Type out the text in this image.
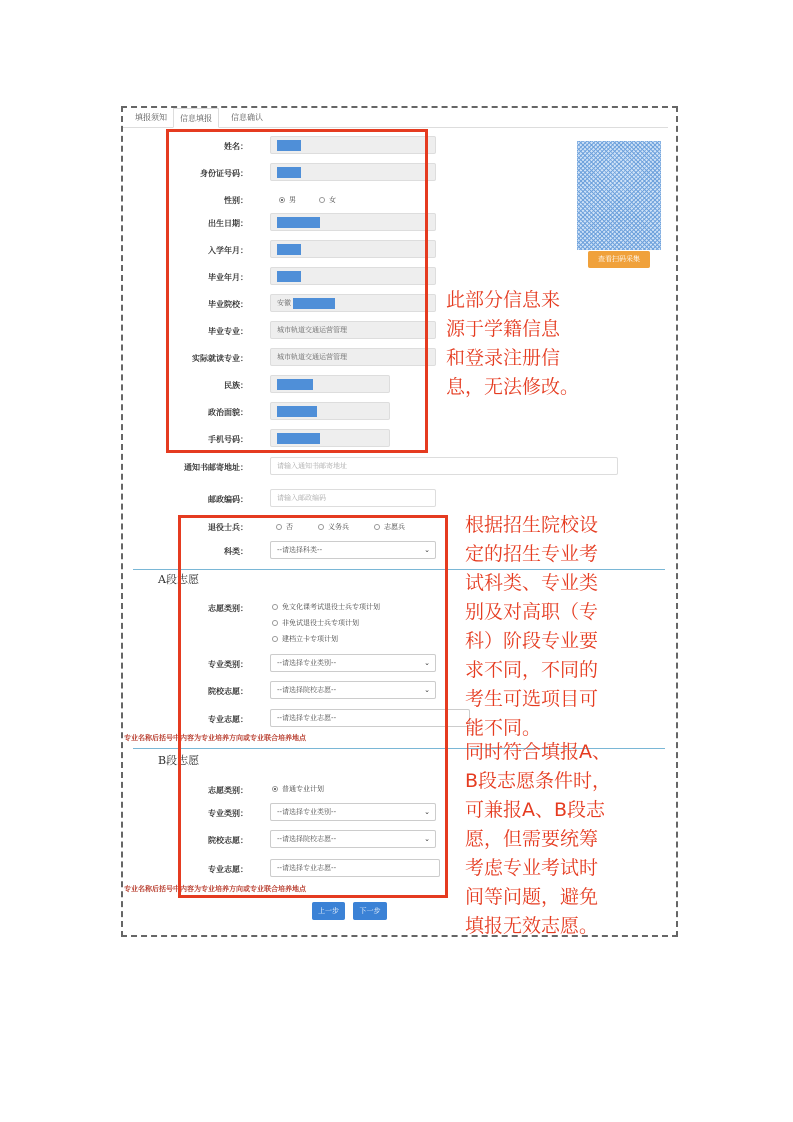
填报须知	信息填报	信息确认
查看扫码采集
姓名：
身份证号码：
性别：	男	女
出生日期：
入学年月：
毕业年月：
毕业院校：	安徽
毕业专业：	城市轨道交通运营管理
实际就读专业：	城市轨道交通运营管理
民族：
政治面貌：
手机号码：
通知书邮寄地址：	请输入通知书邮寄地址
邮政编码：	请输入邮政编码
退役士兵：	否	义务兵	志愿兵
科类：	--请选择科类--	⌄
A段志愿
志愿类别：	免文化课考试退役士兵专项计划
非免试退役士兵专项计划
建档立卡专项计划
专业类别：	--请选择专业类别--	⌄
院校志愿：	--请选择院校志愿--	⌄
专业志愿：	--请选择专业志愿--
专业名称后括号中内容为专业培养方向或专业联合培养地点
B段志愿
志愿类别：	普通专业计划
专业类别：	--请选择专业类别--	⌄
院校志愿：	--请选择院校志愿--	⌄
专业志愿：	--请选择专业志愿--
专业名称后括号中内容为专业培养方向或专业联合培养地点
上一步	下一步
此部分信息来
源于学籍信息
和登录注册信
息，无法修改。
根据招生院校设
定的招生专业考
试科类、专业类
别及对高职（专
科）阶段专业要
求不同，不同的
考生可选项目可
能不同。
同时符合填报A、
B段志愿条件时，
可兼报A、B段志
愿，但需要统筹
考虑专业考试时
间等问题，避免
填报无效志愿。
